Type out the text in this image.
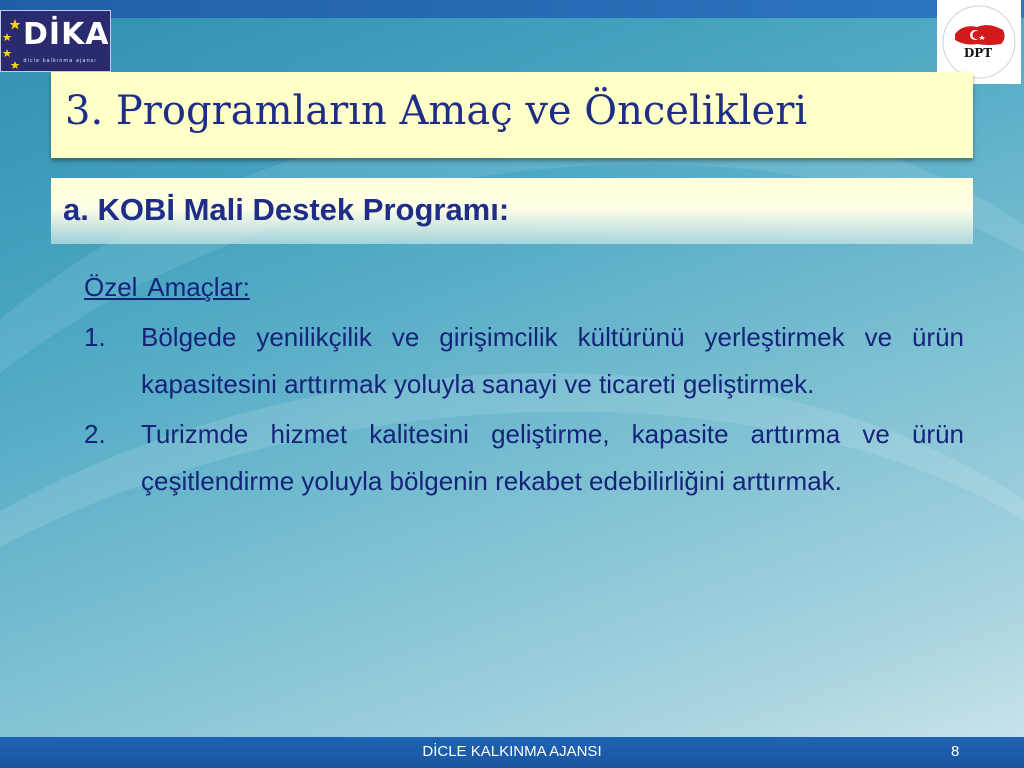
DİKA
dicle kalkınma ajansı
DPT
3. Programların Amaç ve Öncelikleri
a. KOBİ Mali Destek Programı:
Özel Amaçlar:
1. Bölgede yenilikçilik ve girişimcilik kültürünü yerleştirmek ve ürün kapasitesini arttırmak yoluyla sanayi ve ticareti geliştirmek.
2. Turizmde hizmet kalitesini geliştirme, kapasite arttırma ve ürün çeşitlendirme yoluyla bölgenin rekabet edebilirliğini arttırmak.
DİCLE KALKINMA AJANSI	8
